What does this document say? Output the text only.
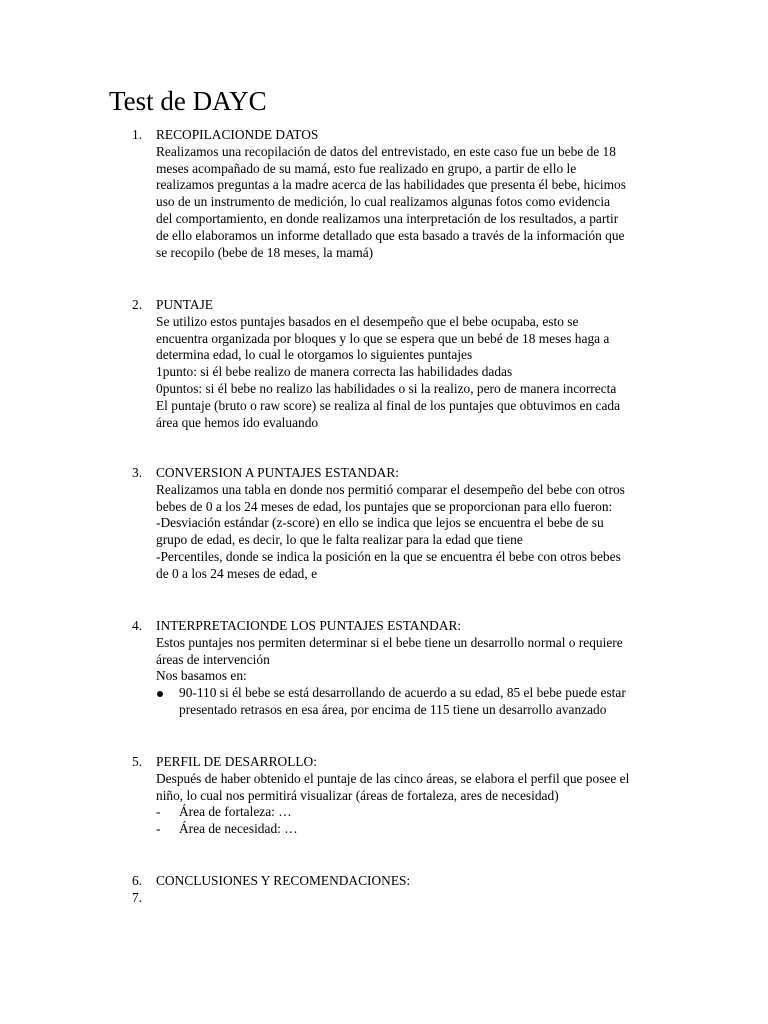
Test de DAYC
1. RECOPILACIONDE DATOS
Realizamos una recopilación de datos del entrevistado, en este caso fue un bebe de 18
meses acompañado de su mamá, esto fue realizado en grupo, a partir de ello le
realizamos preguntas a la madre acerca de las habilidades que presenta él bebe, hicimos
uso de un instrumento de medición, lo cual realizamos algunas fotos como evidencia
del comportamiento, en donde realizamos una interpretación de los resultados, a partir
de ello elaboramos un informe detallado que esta basado a través de la información que
se recopilo (bebe de 18 meses, la mamá)
2. PUNTAJE
Se utilizo estos puntajes basados en el desempeño que el bebe ocupaba, esto se
encuentra organizada por bloques y lo que se espera que un bebé de 18 meses haga a
determina edad, lo cual le otorgamos lo siguientes puntajes
1punto: si él bebe realizo de manera correcta las habilidades dadas
0puntos: si él bebe no realizo las habilidades o si la realizo, pero de manera incorrecta
El puntaje (bruto o raw score) se realiza al final de los puntajes que obtuvimos en cada
área que hemos ido evaluando
3. CONVERSION A PUNTAJES ESTANDAR:
Realizamos una tabla en donde nos permitió comparar el desempeño del bebe con otros
bebes de 0 a los 24 meses de edad, los puntajes que se proporcionan para ello fueron:
-Desviación estándar (z-score) en ello se indica que lejos se encuentra el bebe de su
grupo de edad, es decir, lo que le falta realizar para la edad que tiene
-Percentiles, donde se indica la posición en la que se encuentra él bebe con otros bebes
de 0 a los 24 meses de edad, e
4. INTERPRETACIONDE LOS PUNTAJES ESTANDAR:
Estos puntajes nos permiten determinar si el bebe tiene un desarrollo normal o requiere
áreas de intervención
Nos basamos en:
90-110 si él bebe se está desarrollando de acuerdo a su edad, 85 el bebe puede estar
presentado retrasos en esa área, por encima de 115 tiene un desarrollo avanzado
5. PERFIL DE DESARROLLO:
Después de haber obtenido el puntaje de las cinco áreas, se elabora el perfil que posee el
niño, lo cual nos permitirá visualizar (áreas de fortaleza, ares de necesidad)
-	Área de fortaleza: …
-	Área de necesidad: …
6. CONCLUSIONES Y RECOMENDACIONES:
7.
